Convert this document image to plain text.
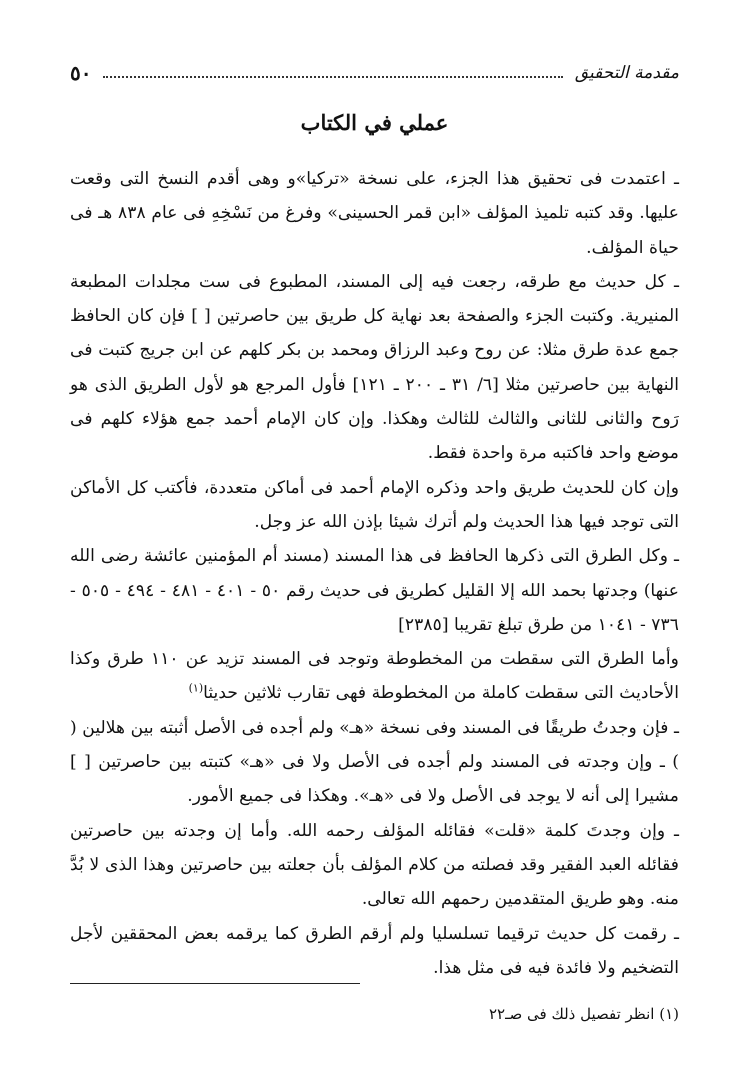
مقدمة التحقيق
٥٠
عملي في الكتاب

ـ اعتمدت فى تحقيق هذا الجزء، على نسخة «تركيا»و وهى أقدم النسخ التى وقعت عليها. وقد كتبه تلميذ المؤلف «ابن قمر الحسينى» وفرغ من نَسْخِهِ فى عام ٨٣٨ هـ فى حياة المؤلف.

ـ كل حديث مع طرقه، رجعت فيه إلى المسند، المطبوع فى ست مجلدات المطبعة المنيرية. وكتبت الجزء والصفحة بعد نهاية كل طريق بين حاصرتين [ ] فإن كان الحافظ جمع عدة طرق مثلا: عن روح وعبد الرزاق ومحمد بن بكر كلهم عن ابن جريج كتبت فى النهاية بين حاصرتين مثلا [٦/ ٣١ ـ ٢٠٠ ـ ١٢١] فأول المرجع هو لأول الطريق الذى هو رَوح والثانى للثانى والثالث للثالث وهكذا. وإن كان الإمام أحمد جمع هؤلاء كلهم فى موضع واحد فاكتبه مرة واحدة فقط.

وإن كان للحديث طريق واحد وذكره الإمام أحمد فى أماكن متعددة، فأكتب كل الأماكن التى توجد فيها هذا الحديث ولم أترك شيئا بإذن الله عز وجل.

ـ وكل الطرق التى ذكرها الحافظ فى هذا المسند (مسند أم المؤمنين عائشة رضى الله عنها) وجدتها بحمد الله إلا القليل كطريق فى حديث رقم ٥٠ - ٤٠١ - ٤٨١ - ٤٩٤ - ٥٠٥ - ٧٣٦ - ١٠٤١ من طرق تبلغ تقريبا [٢٣٨٥]

وأما الطرق التى سقطت من المخطوطة وتوجد فى المسند تزيد عن ١١٠ طرق وكذا الأحاديث التى سقطت كاملة من المخطوطة فهى تقارب ثلاثين حديثا$^{(١)}$

ـ فإن وجدتُ طريقًا فى المسند وفى نسخة «هـ» ولم أجده فى الأصل أثبته بين هلالين ( ) ـ وإن وجدته فى المسند ولم أجده فى الأصل ولا فى «هـ» كتبته بين حاصرتين [ ] مشيرا إلى أنه لا يوجد فى الأصل ولا فى «هـ». وهكذا فى جميع الأمور.

ـ وإن وجدتَ كلمة «قلت» فقائله المؤلف رحمه الله. وأما إن وجدته بين حاصرتين فقائله العبد الفقير وقد فصلته من كلام المؤلف بأن جعلته بين حاصرتين وهذا الذى لا بُدَّ منه. وهو طريق المتقدمين رحمهم الله تعالى.

ـ رقمت كل حديث ترقيما تسلسليا ولم أرقم الطرق كما يرقمه بعض المحققين لأجل التضخيم ولا فائدة فيه فى مثل هذا.

(١) انظر تفصيل ذلك فى صـ٢٢
